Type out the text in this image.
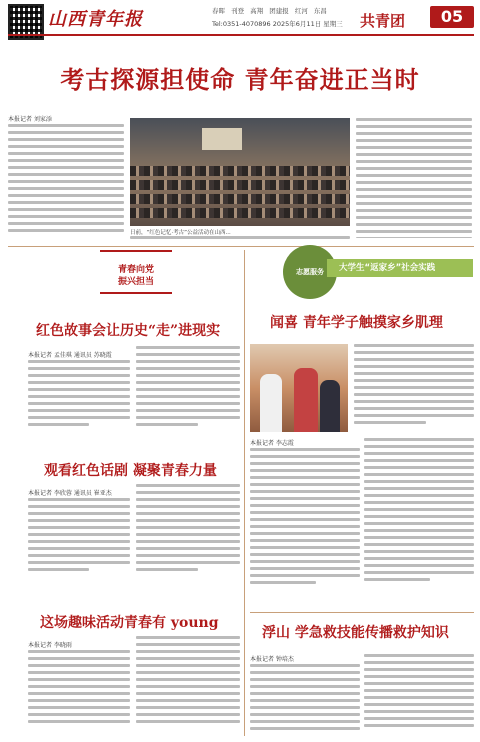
山西青年报	春晖 刊登 高翔 团建报 红河 东昌
Tel:0351-4070896 2025年6月11日 星期三 共青团	05
考古探源担使命 青年奋进正当时
本报记者 刘家添
日前，“红色记忆·考古”公益活动在山西...
青春向党
振兴担当
红色故事会让历史“走”进现实
本报记者 孟佳琪 通讯员 苏晓霞
观看红色话剧 凝聚青春力量
本报记者 李欣蓉 通讯员 崔亚杰
这场趣味活动青春有 young
本报记者 李晓雨
志愿服务	大学生“返家乡”社会实践
闻喜 青年学子触摸家乡肌理
本报记者 李志霞
浮山 学急救技能传播救护知识
本报记者 钟培杰
